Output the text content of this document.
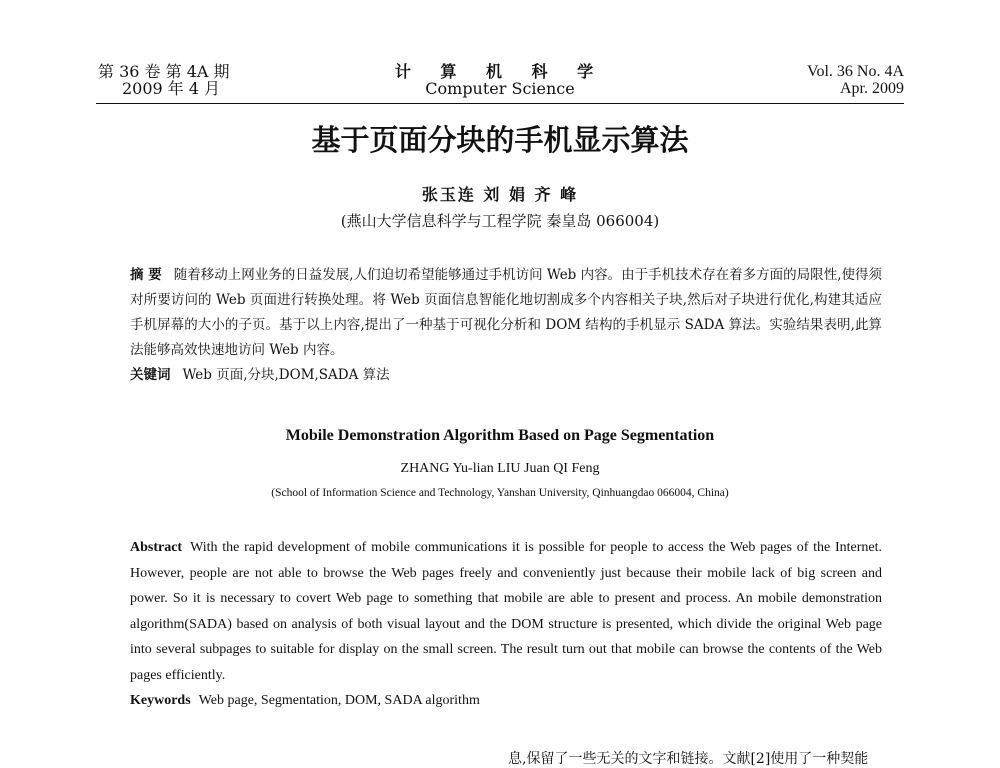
第 36 卷 第 4A 期
2009 年 4 月
计 算 机 科 学
Computer Science
Vol. 36 No. 4A
Apr. 2009
基于页面分块的手机显示算法
张玉连 刘 娟 齐 峰
(燕山大学信息科学与工程学院 秦皇岛 066004)
摘 要 随着移动上网业务的日益发展,人们迫切希望能够通过手机访问 Web 内容。由于手机技术存在着多方面的局限性,使得须对所要访问的 Web 页面进行转换处理。将 Web 页面信息智能化地切割成多个内容相关子块,然后对子块进行优化,构建其适应手机屏幕的大小的子页。基于以上内容,提出了一种基于可视化分析和 DOM 结构的手机显示 SADA 算法。实验结果表明,此算法能够高效快速地访问 Web 内容。
关键词 Web 页面,分块,DOM,SADA 算法
Mobile Demonstration Algorithm Based on Page Segmentation
ZHANG Yu-lian LIU Juan QI Feng
(School of Information Science and Technology, Yanshan University, Qinhuangdao 066004, China)
Abstract With the rapid development of mobile communications it is possible for people to access the Web pages of the Internet. However, people are not able to browse the Web pages freely and conveniently just because their mobile lack of big screen and power. So it is necessary to covert Web page to something that mobile are able to present and process. An mobile demonstration algorithm(SADA) based on analysis of both visual layout and the DOM structure is presented, which divide the original Web page into several subpages to suitable for display on the small screen. The result turn out that mobile can browse the contents of the Web pages efficiently.
Keywords Web page, Segmentation, DOM, SADA algorithm
息,保留了一些无关的文字和链接。文献[2]使用了一种契能
